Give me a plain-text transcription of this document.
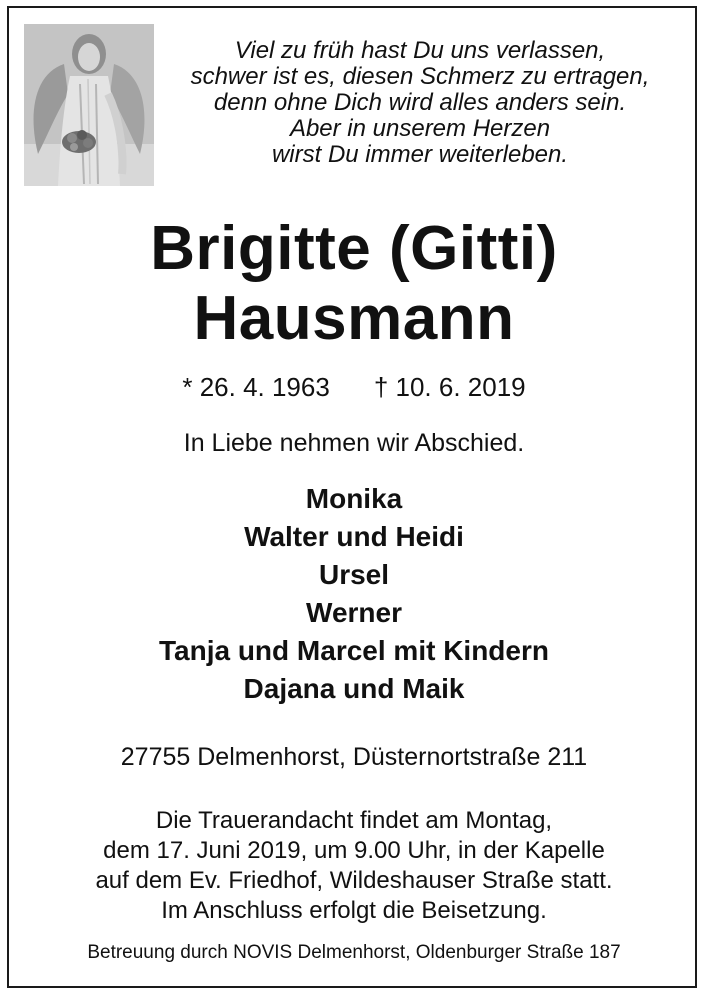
Viel zu früh hast Du uns verlassen,
schwer ist es, diesen Schmerz zu ertragen,
denn ohne Dich wird alles anders sein.
Aber in unserem Herzen
wirst Du immer weiterleben.
Brigitte (Gitti)
Hausmann
* 26. 4. 1963 † 10. 6. 2019
In Liebe nehmen wir Abschied.
Monika
Walter und Heidi
Ursel
Werner
Tanja und Marcel mit Kindern
Dajana und Maik
27755 Delmenhorst, Düsternortstraße 211
Die Trauerandacht findet am Montag,
dem 17. Juni 2019, um 9.00 Uhr, in der Kapelle
auf dem Ev. Friedhof, Wildeshauser Straße statt.
Im Anschluss erfolgt die Beisetzung.
Betreuung durch NOVIS Delmenhorst, Oldenburger Straße 187
